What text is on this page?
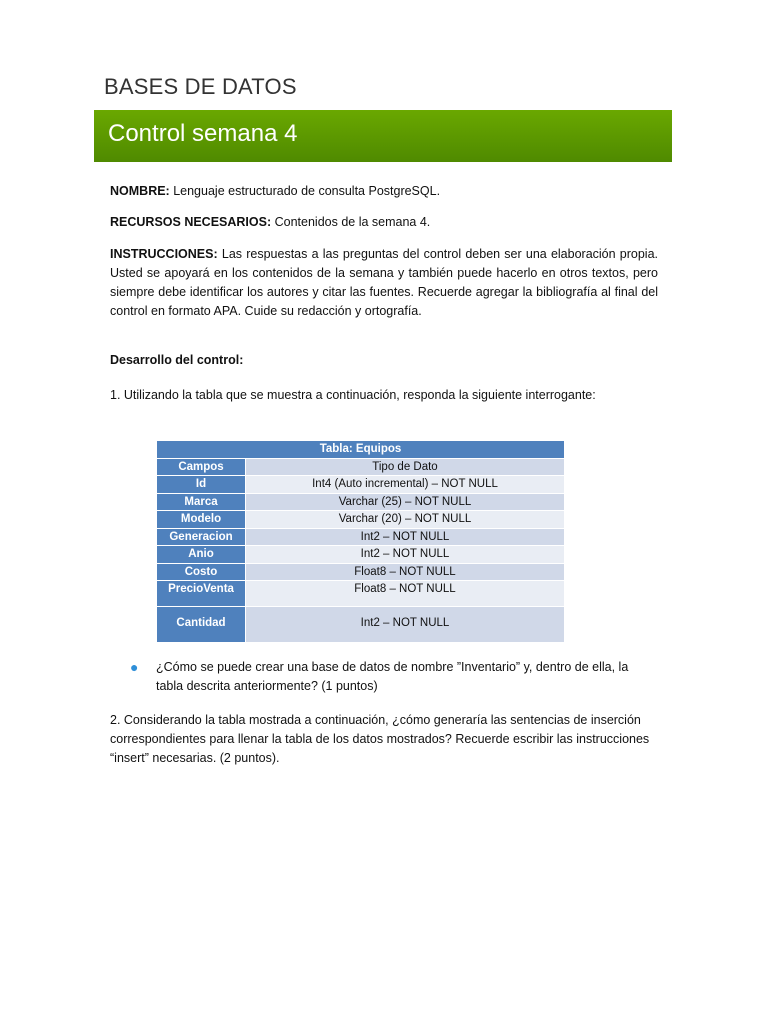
BASES DE DATOS
Control semana 4
NOMBRE: Lenguaje estructurado de consulta PostgreSQL.
RECURSOS NECESARIOS: Contenidos de la semana 4.
INSTRUCCIONES: Las respuestas a las preguntas del control deben ser una elaboración propia. Usted se apoyará en los contenidos de la semana y también puede hacerlo en otros textos, pero siempre debe identificar los autores y citar las fuentes. Recuerde agregar la bibliografía al final del control en formato APA. Cuide su redacción y ortografía.
Desarrollo del control:
1. Utilizando la tabla que se muestra a continuación, responda la siguiente interrogante:
Tabla: Equipos	
Campos	Tipo de Dato
Id	Int4 (Auto incremental) – NOT NULL
Marca	Varchar (25) – NOT NULL
Modelo	Varchar (20) – NOT NULL
Generacion	Int2 – NOT NULL
Anio	Int2 – NOT NULL
Costo	Float8 – NOT NULL
PrecioVenta	Float8 – NOT NULL
Cantidad	Int2 – NOT NULL
● ¿Cómo se puede crear una base de datos de nombre ”Inventario” y, dentro de ella, la tabla descrita anteriormente? (1 puntos)
2. Considerando la tabla mostrada a continuación, ¿cómo generaría las sentencias de inserción correspondientes para llenar la tabla de los datos mostrados? Recuerde escribir las instrucciones “insert” necesarias. (2 puntos).
